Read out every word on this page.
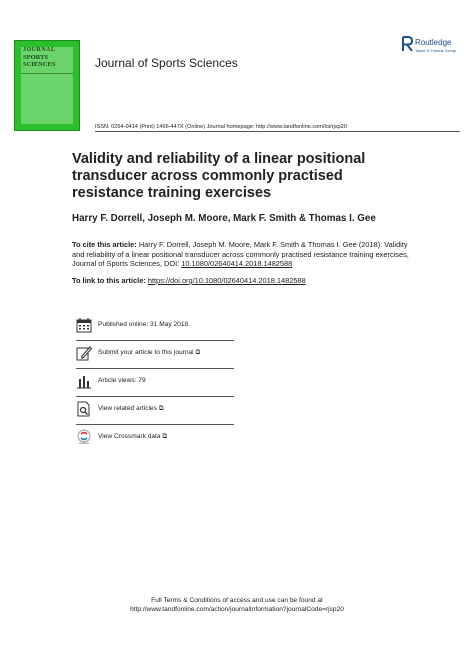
JOURNAL
SPORTS
SCIENCES	Journal of Sports Sciences
Routledge
Taylor & Francis Group
ISSN: 0264-0414 (Print) 1466-447X (Online) Journal homepage: http://www.tandfonline.com/loi/rjsp20
Validity and reliability of a linear positional transducer across commonly practised resistance training exercises
Harry F. Dorrell, Joseph M. Moore, Mark F. Smith & Thomas I. Gee
To cite this article: Harry F. Dorrell, Joseph M. Moore, Mark F. Smith & Thomas I. Gee (2018): Validity and reliability of a linear positional transducer across commonly practised resistance training exercises, Journal of Sports Sciences, DOI: 10.1080/02640414.2018.1482588
To link to this article: https://doi.org/10.1080/02640414.2018.1482588
Published online: 31 May 2018.
Submit your article to this journal ⧉
Article views: 79
View related articles ⧉
View Crossmark data ⧉
Full Terms & Conditions of access and use can be found at
http://www.tandfonline.com/action/journalInformation?journalCode=rjsp20
